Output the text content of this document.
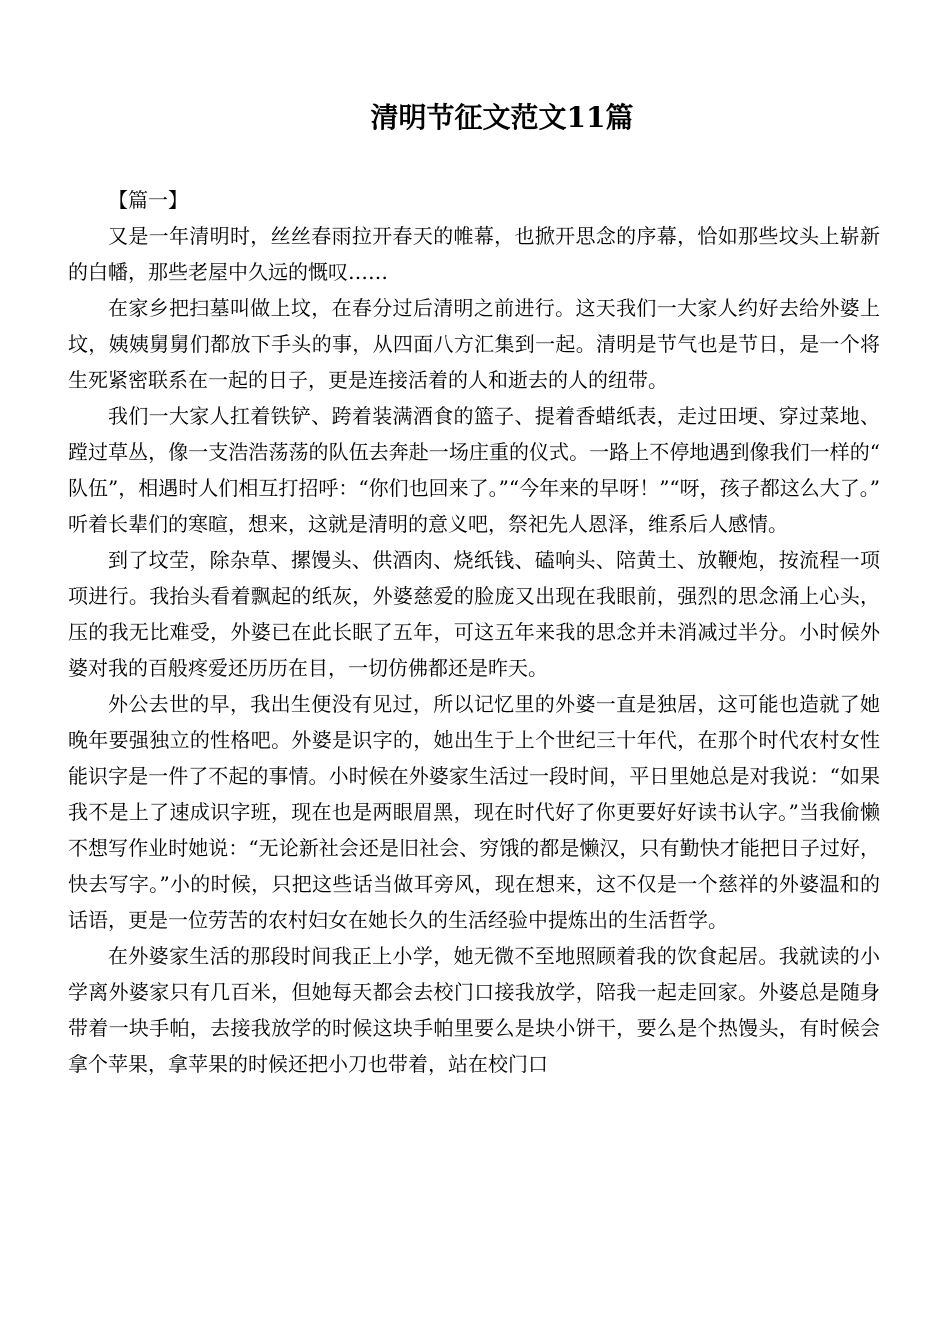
清明节征文范文11篇

【篇一】

又是一年清明时，丝丝春雨拉开春天的帷幕，也掀开思念的序幕，恰如那些坟头上崭新的白幡，那些老屋中久远的慨叹……

在家乡把扫墓叫做上坟，在春分过后清明之前进行。这天我们一大家人约好去给外婆上坟，姨姨舅舅们都放下手头的事，从四面八方汇集到一起。清明是节气也是节日，是一个将生死紧密联系在一起的日子，更是连接活着的人和逝去的人的纽带。

我们一大家人扛着铁铲、跨着装满酒食的篮子、提着香蜡纸表，走过田埂、穿过菜地、蹚过草丛，像一支浩浩荡荡的队伍去奔赴一场庄重的仪式。一路上不停地遇到像我们一样的“队伍”，相遇时人们相互打招呼：“你们也回来了。”“今年来的早呀！”“呀，孩子都这么大了。”听着长辈们的寒暄，想来，这就是清明的意义吧，祭祀先人恩泽，维系后人感情。

到了坟茔，除杂草、摞馒头、供酒肉、烧纸钱、磕响头、陪黄土、放鞭炮，按流程一项项进行。我抬头看着飘起的纸灰，外婆慈爱的脸庞又出现在我眼前，强烈的思念涌上心头，压的我无比难受，外婆已在此长眠了五年，可这五年来我的思念并未消减过半分。小时候外婆对我的百般疼爱还历历在目，一切仿佛都还是昨天。

外公去世的早，我出生便没有见过，所以记忆里的外婆一直是独居，这可能也造就了她晚年要强独立的性格吧。外婆是识字的，她出生于上个世纪三十年代，在那个时代农村女性能识字是一件了不起的事情。小时候在外婆家生活过一段时间，平日里她总是对我说：“如果我不是上了速成识字班，现在也是两眼眉黑，现在时代好了你更要好好读书认字。”当我偷懒不想写作业时她说：“无论新社会还是旧社会、穷饿的都是懒汉，只有勤快才能把日子过好，快去写字。”小的时候，只把这些话当做耳旁风，现在想来，这不仅是一个慈祥的外婆温和的话语，更是一位劳苦的农村妇女在她长久的生活经验中提炼出的生活哲学。

在外婆家生活的那段时间我正上小学，她无微不至地照顾着我的饮食起居。我就读的小学离外婆家只有几百米，但她每天都会去校门口接我放学，陪我一起走回家。外婆总是随身带着一块手帕，去接我放学的时候这块手帕里要么是块小饼干，要么是个热馒头，有时候会拿个苹果，拿苹果的时候还把小刀也带着，站在校门口
